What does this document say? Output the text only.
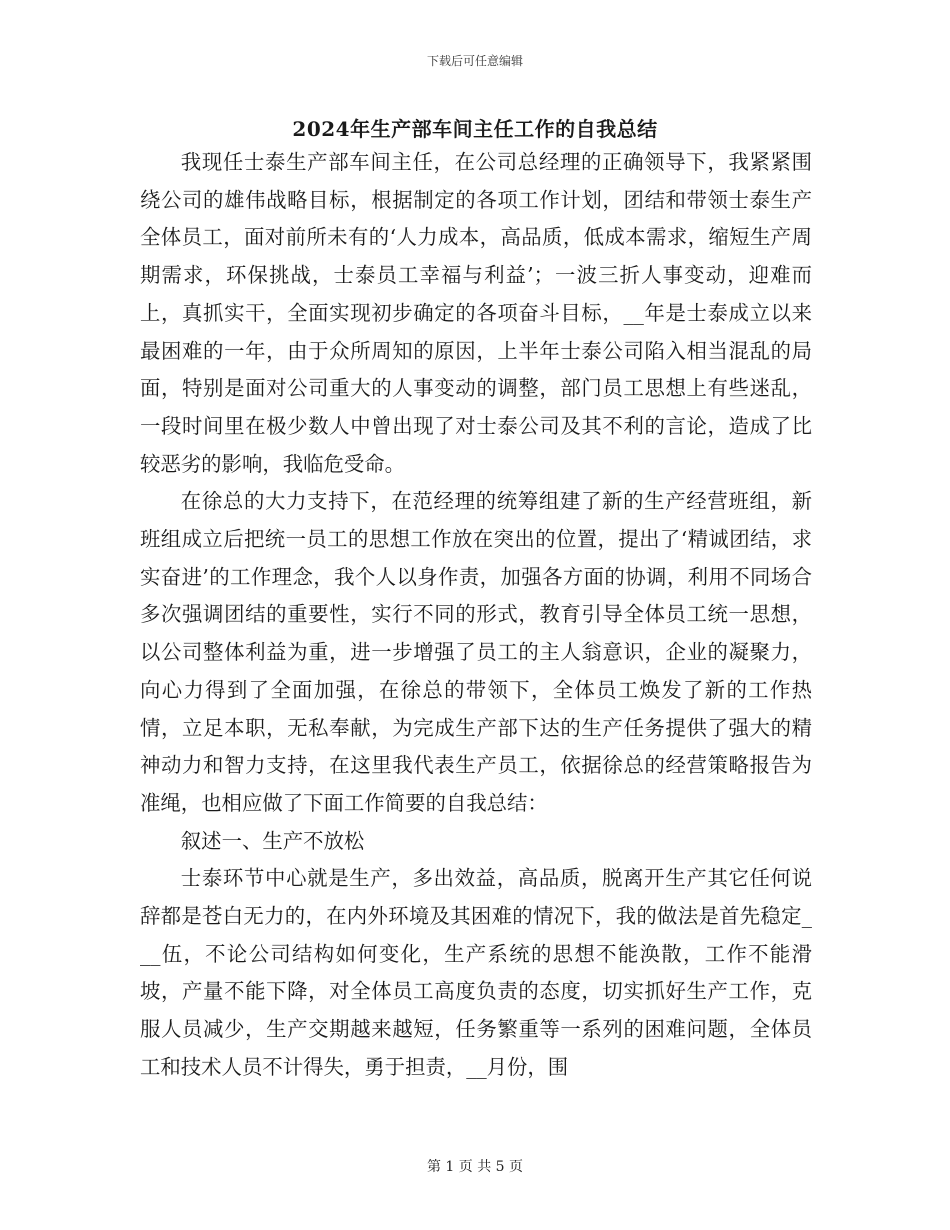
下载后可任意编辑
2024年生产部车间主任工作的自我总结

我现任士泰生产部车间主任，在公司总经理的正确领导下，我紧紧围绕公司的雄伟战略目标，根据制定的各项工作计划，团结和带领士泰生产全体员工，面对前所未有的‘人力成本，高品质，低成本需求，缩短生产周期需求，环保挑战，士泰员工幸福与利益’；一波三折人事变动，迎难而上，真抓实干，全面实现初步确定的各项奋斗目标，__年是士泰成立以来最困难的一年，由于众所周知的原因，上半年士泰公司陷入相当混乱的局面，特别是面对公司重大的人事变动的调整，部门员工思想上有些迷乱，一段时间里在极少数人中曾出现了对士泰公司及其不利的言论，造成了比较恶劣的影响，我临危受命。

在徐总的大力支持下，在范经理的统筹组建了新的生产经营班组，新班组成立后把统一员工的思想工作放在突出的位置，提出了‘精诚团结，求实奋进’的工作理念，我个人以身作责，加强各方面的协调，利用不同场合多次强调团结的重要性，实行不同的形式，教育引导全体员工统一思想，以公司整体利益为重，进一步增强了员工的主人翁意识，企业的凝聚力，向心力得到了全面加强，在徐总的带领下，全体员工焕发了新的工作热情，立足本职，无私奉献，为完成生产部下达的生产任务提供了强大的精神动力和智力支持，在这里我代表生产员工，依据徐总的经营策略报告为准绳，也相应做了下面工作简要的自我总结：

叙述一、生产不放松

士泰环节中心就是生产，多出效益，高品质，脱离开生产其它任何说辞都是苍白无力的，在内外环境及其困难的情况下，我的做法是首先稳定___伍，不论公司结构如何变化，生产系统的思想不能涣散，工作不能滑坡，产量不能下降，对全体员工高度负责的态度，切实抓好生产工作，克服人员减少，生产交期越来越短，任务繁重等一系列的困难问题，全体员工和技术人员不计得失，勇于担责，__月份，围

第 1 页 共 5 页
